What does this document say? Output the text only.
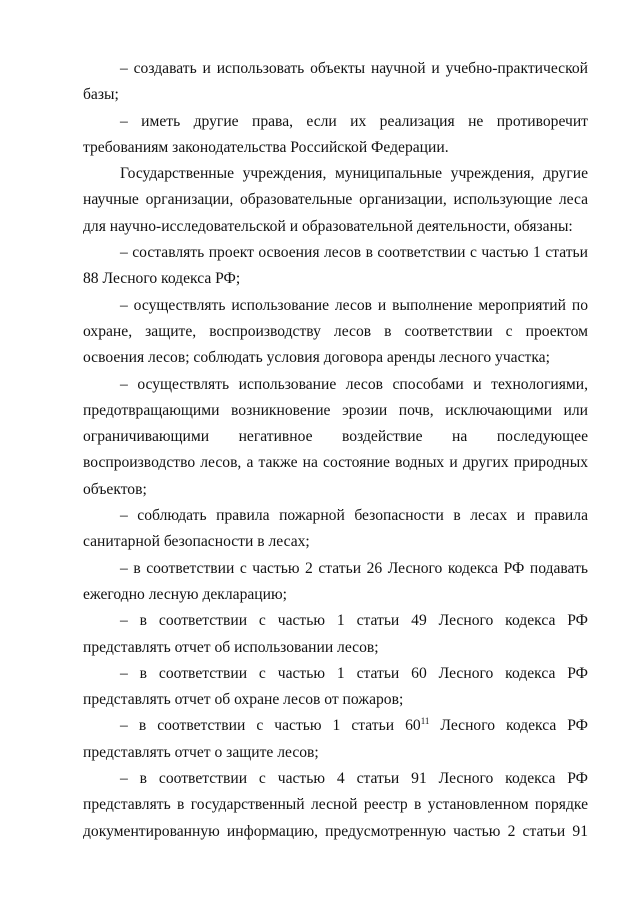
– создавать и использовать объекты научной и учебно-практической базы;

– иметь другие права, если их реализация не противоречит требованиям законодательства Российской Федерации.

Государственные учреждения, муниципальные учреждения, другие научные организации, образовательные организации, использующие леса для научно-исследовательской и образовательной деятельности, обязаны:

– составлять проект освоения лесов в соответствии с частью 1 статьи 88 Лесного кодекса РФ;

– осуществлять использование лесов и выполнение мероприятий по охране, защите, воспроизводству лесов в соответствии с проектом освоения лесов; соблюдать условия договора аренды лесного участка;

– осуществлять использование лесов способами и технологиями, предотвращающими возникновение эрозии почв, исключающими или ограничивающими негативное воздействие на последующее воспроизводство лесов, а также на состояние водных и других природных объектов;

– соблюдать правила пожарной безопасности в лесах и правила санитарной безопасности в лесах;

– в соответствии с частью 2 статьи 26 Лесного кодекса РФ подавать ежегодно лесную декларацию;

– в соответствии с частью 1 статьи 49 Лесного кодекса РФ представлять отчет об использовании лесов;

– в соответствии с частью 1 статьи 60 Лесного кодекса РФ представлять отчет об охране лесов от пожаров;

– в соответствии с частью 1 статьи $60^{11}$ Лесного кодекса РФ представлять отчет о защите лесов;

– в соответствии с частью 4 статьи 91 Лесного кодекса РФ представлять в государственный лесной реестр в установленном порядке документированную информацию, предусмотренную частью 2 статьи 91
